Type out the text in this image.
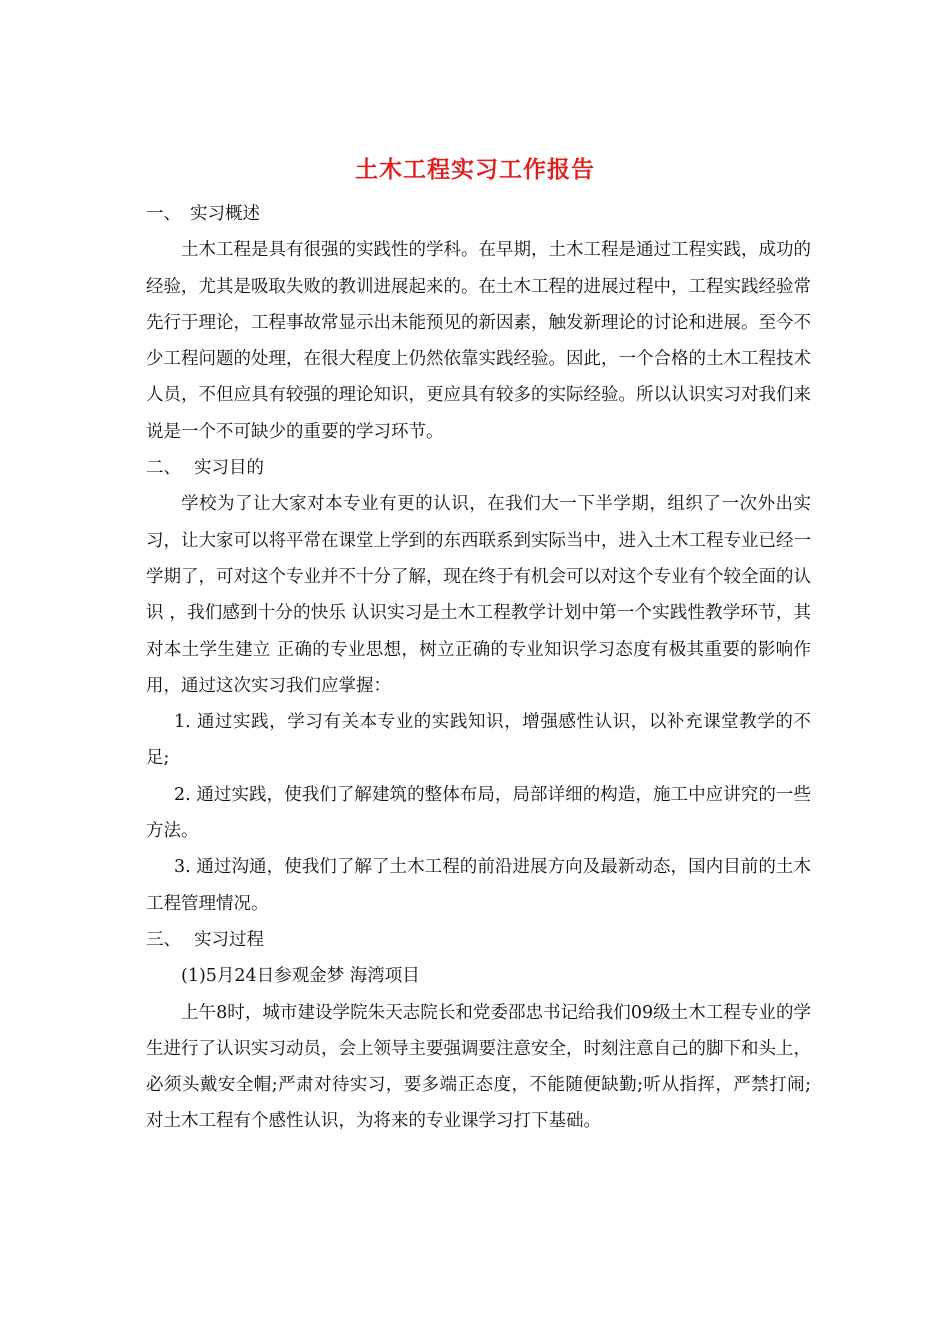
土木工程实习工作报告

一、 实习概述

土木工程是具有很强的实践性的学科。在早期，土木工程是通过工程实践，成功的经验，尤其是吸取失败的教训进展起来的。在土木工程的进展过程中，工程实践经验常先行于理论，工程事故常显示出未能预见的新因素，触发新理论的讨论和进展。至今不少工程问题的处理，在很大程度上仍然依靠实践经验。因此，一个合格的土木工程技术人员，不但应具有较强的理论知识，更应具有较多的实际经验。所以认识实习对我们来说是一个不可缺少的重要的学习环节。

二、 实习目的

学校为了让大家对本专业有更的认识，在我们大一下半学期，组织了一次外出实习，让大家可以将平常在课堂上学到的东西联系到实际当中，进入土木工程专业已经一学期了，可对这个专业并不十分了解，现在终于有机会可以对这个专业有个较全面的认识 ，我们感到十分的快乐 认识实习是土木工程教学计划中第一个实践性教学环节，其对本土学生建立 正确的专业思想，树立正确的专业知识学习态度有极其重要的影响作用，通过这次实习我们应掌握：

1. 通过实践，学习有关本专业的实践知识，增强感性认识，以补充课堂教学的不足;

2. 通过实践，使我们了解建筑的整体布局，局部详细的构造，施工中应讲究的一些方法。

3. 通过沟通，使我们了解了土木工程的前沿进展方向及最新动态，国内目前的土木工程管理情况。

三、 实习过程

(1)5月24日参观金梦 海湾项目

上午8时，城市建设学院朱天志院长和党委邵忠书记给我们09级土木工程专业的学生进行了认识实习动员，会上领导主要强调要注意安全，时刻注意自己的脚下和头上，必须头戴安全帽;严肃对待实习，要多端正态度，不能随便缺勤;听从指挥，严禁打闹;对土木工程有个感性认识，为将来的专业课学习打下基础。
